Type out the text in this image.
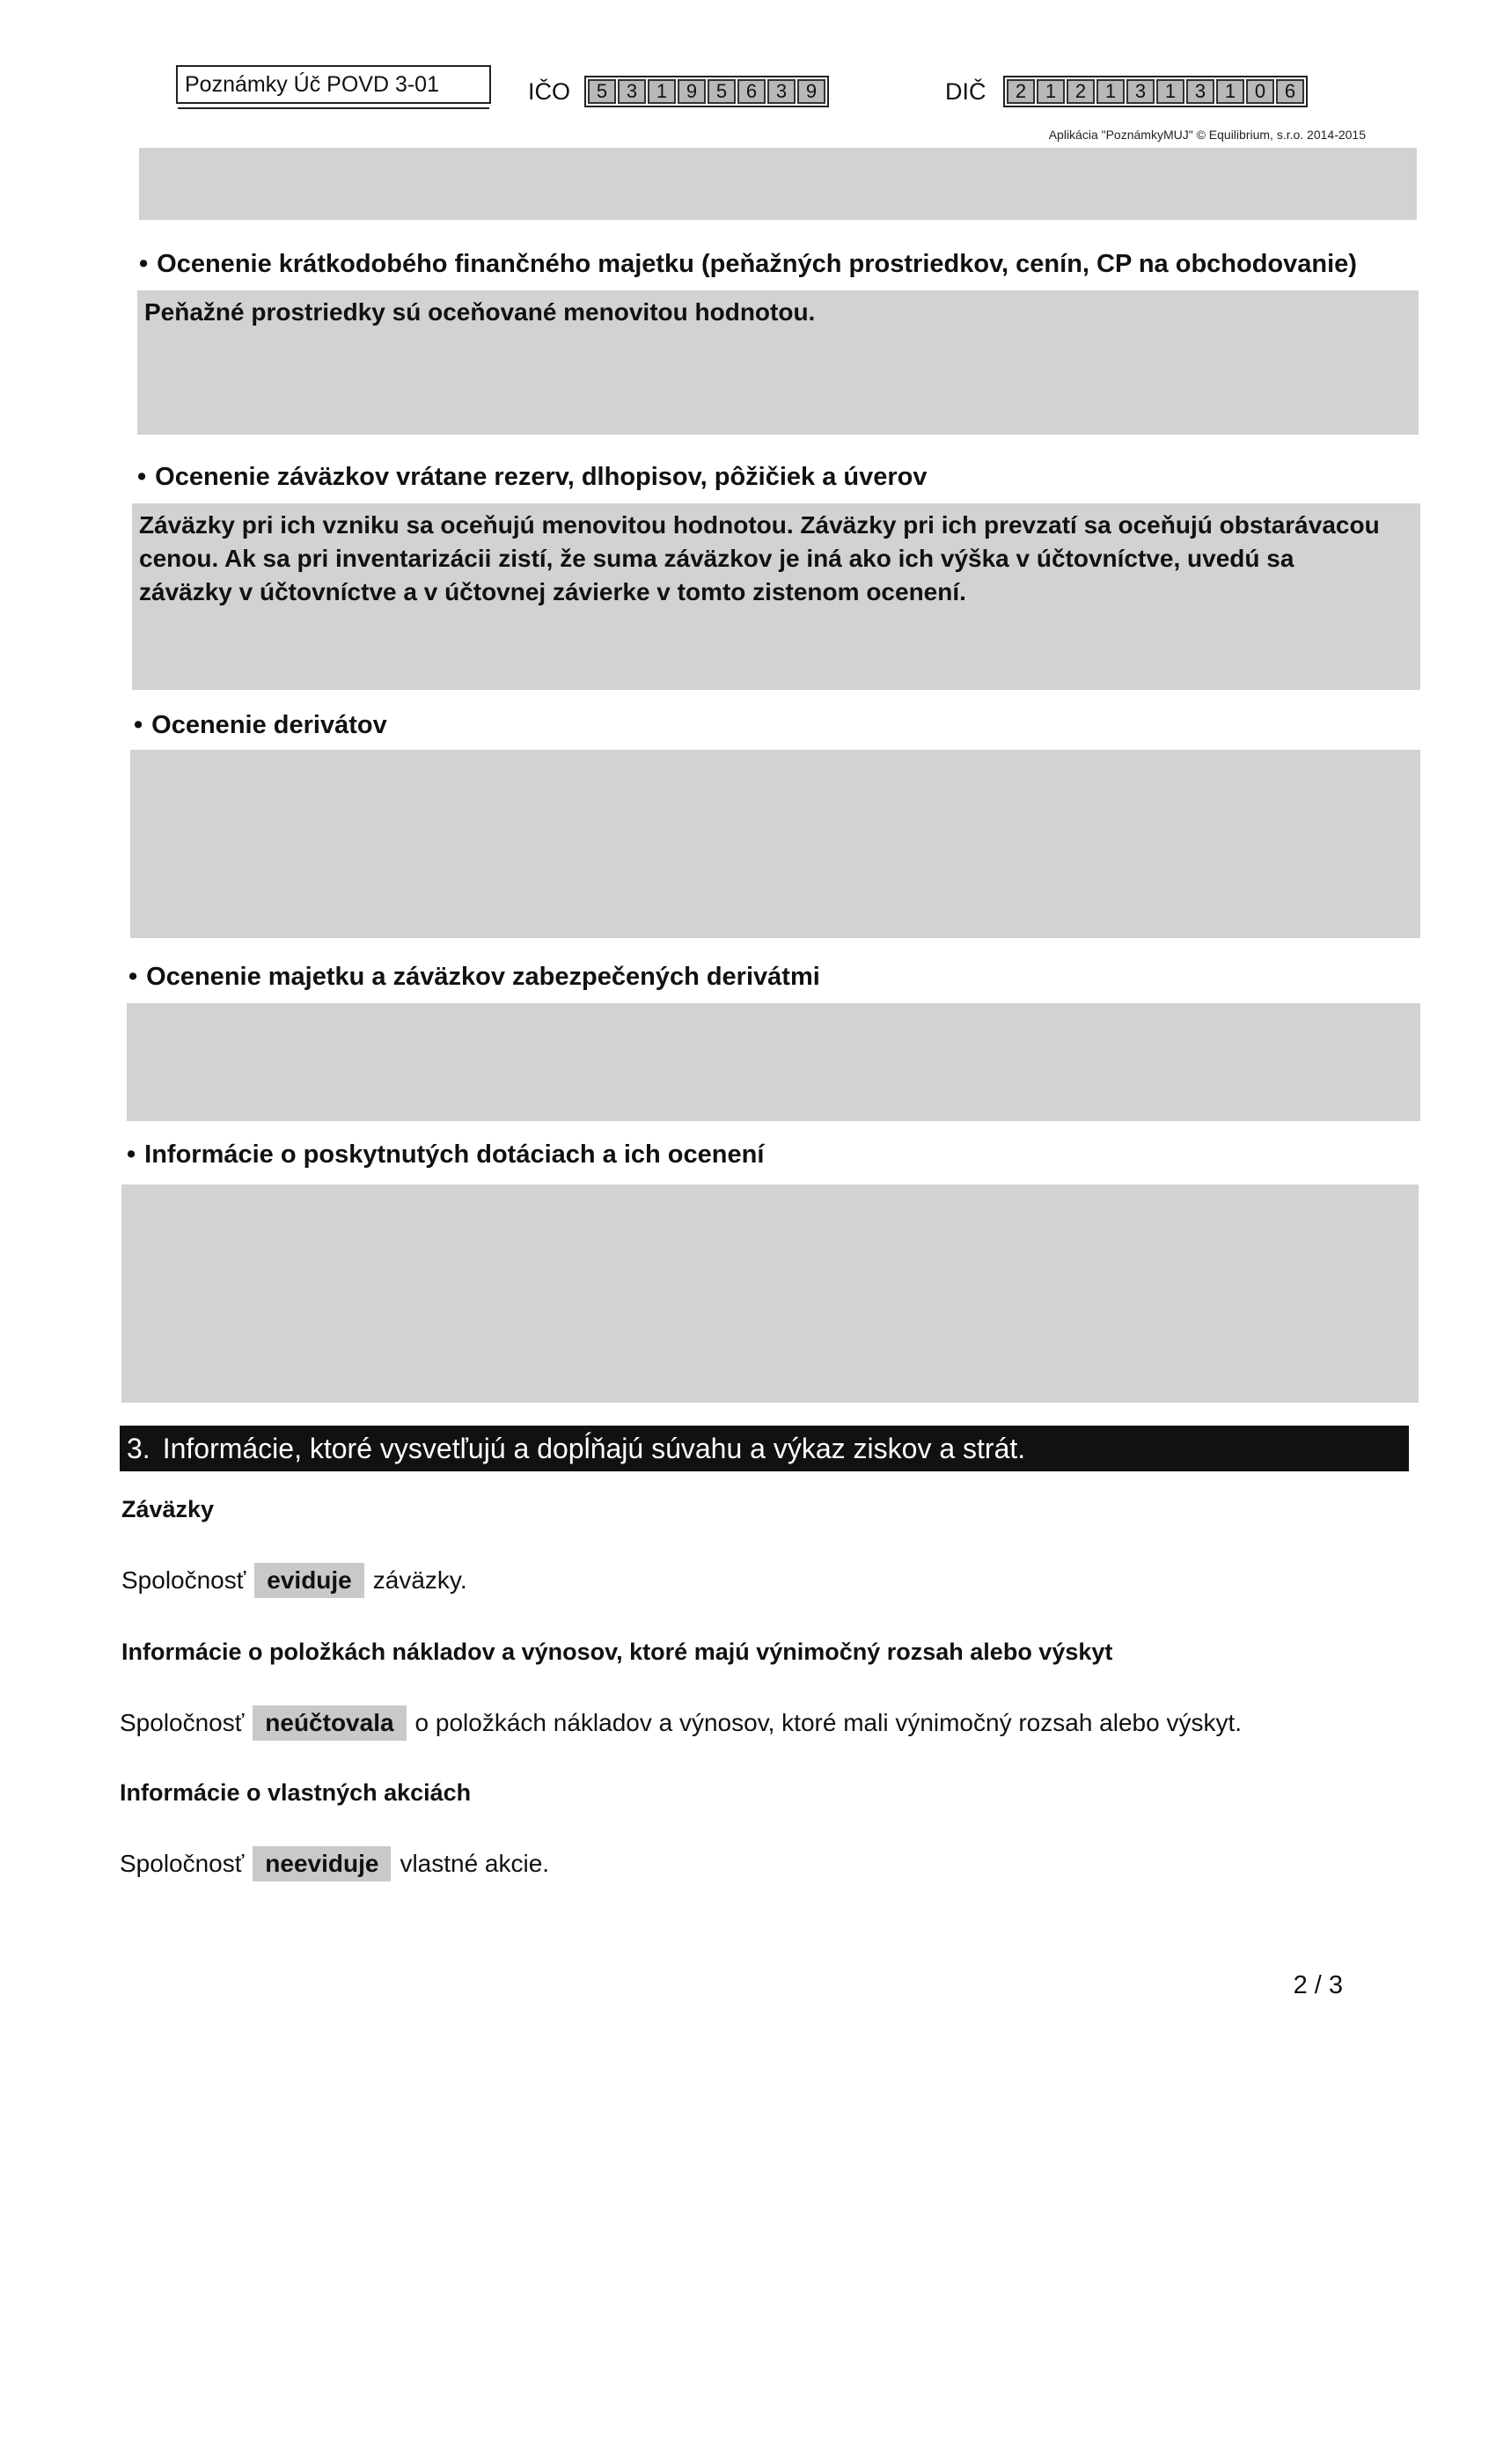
Poznámky Úč POVD 3-01	IČO	5 3 1 9 5 6 3 9	DIČ	2 1 2 1 3 1 3 1 0 6
Aplikácia "PoznámkyMUJ" © Equilibrium, s.r.o. 2014-2015
• Ocenenie krátkodobého finančného majetku (peňažných prostriedkov, cenín, CP na obchodovanie)
Peňažné prostriedky sú oceňované menovitou hodnotou.
• Ocenenie záväzkov vrátane rezerv, dlhopisov, pôžičiek a úverov
Záväzky pri ich vzniku sa oceňujú menovitou hodnotou. Záväzky pri ich prevzatí sa oceňujú obstarávacou cenou. Ak sa pri inventarizácii zistí, že suma záväzkov je iná ako ich výška v účtovníctve, uvedú sa záväzky v účtovníctve a v účtovnej závierke v tomto zistenom ocenení.
• Ocenenie derivátov
• Ocenenie majetku a záväzkov zabezpečených derivátmi
• Informácie o poskytnutých dotáciach a ich ocenení
3. Informácie, ktoré vysvetľujú a dopĺňajú súvahu a výkaz ziskov a strát.
Záväzky
Spoločnosť eviduje záväzky.
Informácie o položkách nákladov a výnosov, ktoré majú výnimočný rozsah alebo výskyt
Spoločnosť neúčtovala o položkách nákladov a výnosov, ktoré mali výnimočný rozsah alebo výskyt.
Informácie o vlastných akciách
Spoločnosť neeviduje vlastné akcie.
2 / 3
